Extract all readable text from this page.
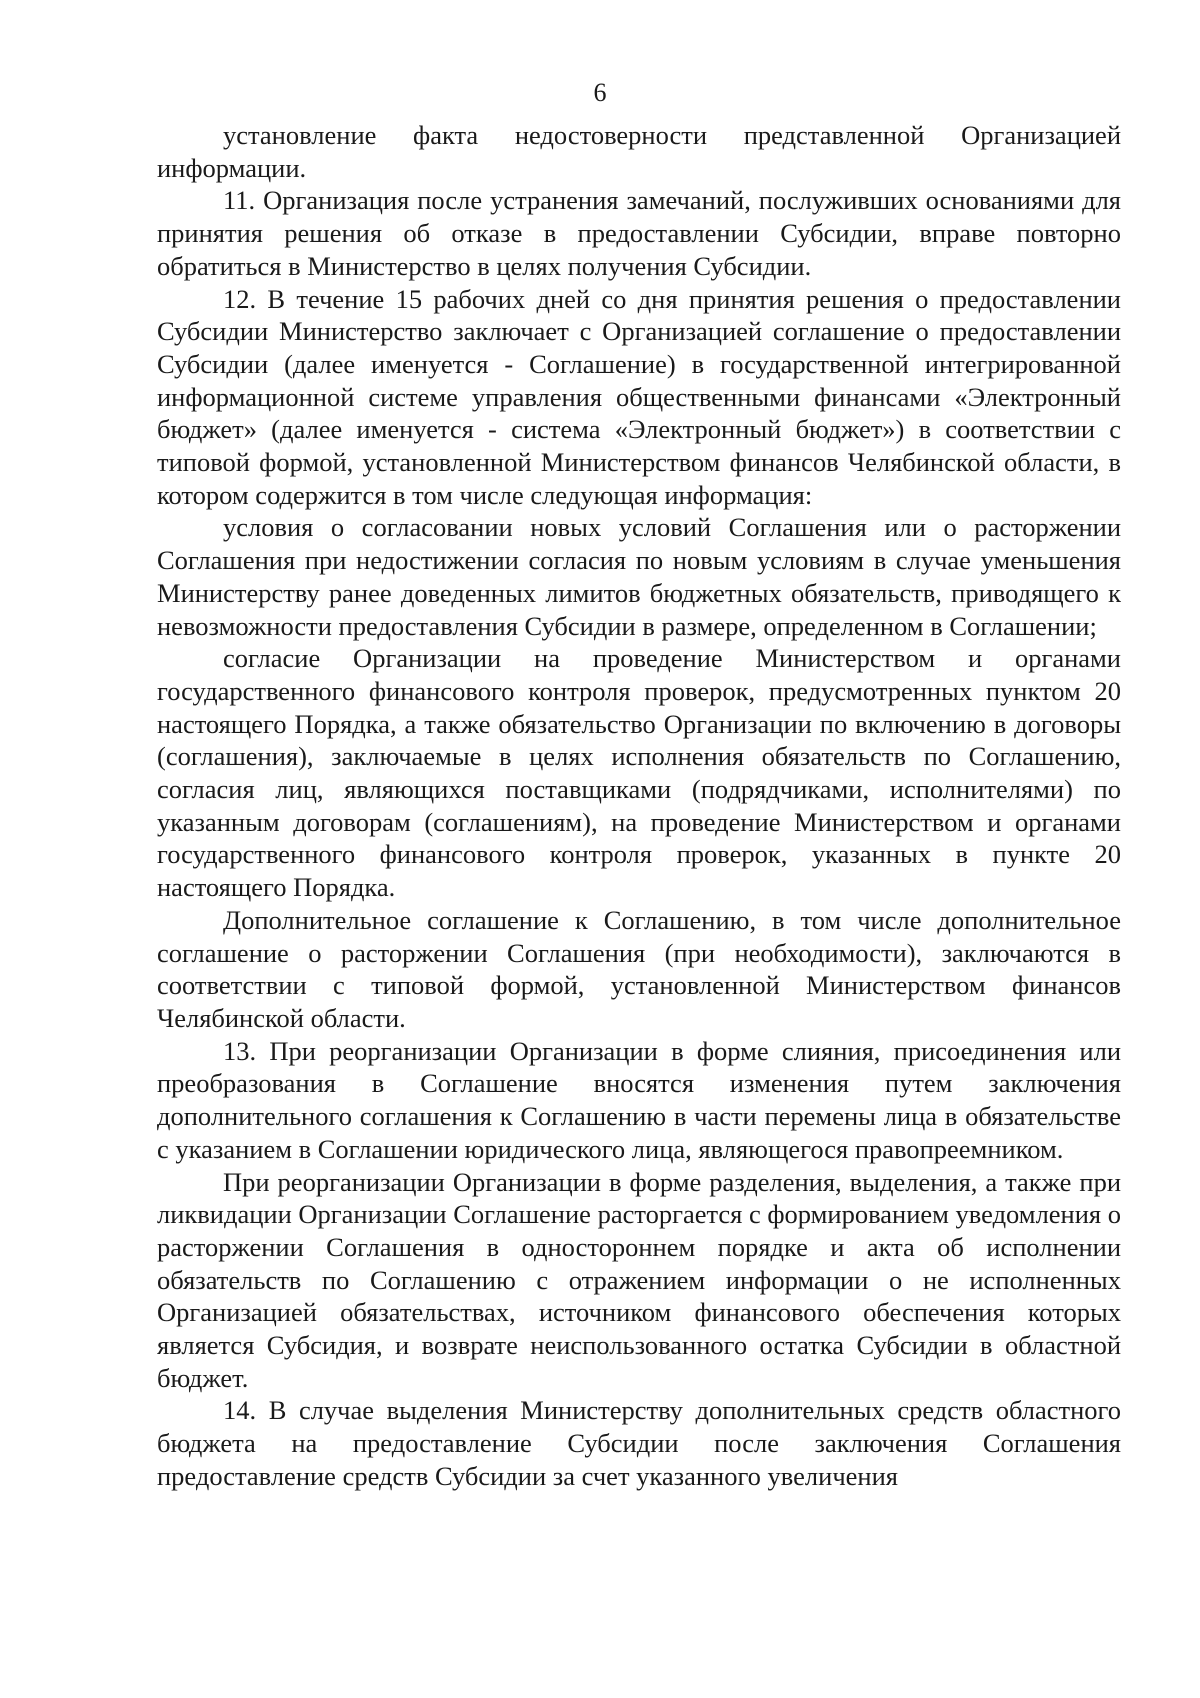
6

установление факта недостоверности представленной Организацией информации.

11. Организация после устранения замечаний, послуживших основаниями для принятия решения об отказе в предоставлении Субсидии, вправе повторно обратиться в Министерство в целях получения Субсидии.

12. В течение 15 рабочих дней со дня принятия решения о предоставлении Субсидии Министерство заключает с Организацией соглашение о предоставлении Субсидии (далее именуется - Соглашение) в государственной интегрированной информационной системе управления общественными финансами «Электронный бюджет» (далее именуется - система «Электронный бюджет») в соответствии с типовой формой, установленной Министерством финансов Челябинской области, в котором содержится в том числе следующая информация:

условия о согласовании новых условий Соглашения или о расторжении Соглашения при недостижении согласия по новым условиям в случае уменьшения Министерству ранее доведенных лимитов бюджетных обязательств, приводящего к невозможности предоставления Субсидии в размере, определенном в Соглашении;

согласие Организации на проведение Министерством и органами государственного финансового контроля проверок, предусмотренных пунктом 20 настоящего Порядка, а также обязательство Организации по включению в договоры (соглашения), заключаемые в целях исполнения обязательств по Соглашению, согласия лиц, являющихся поставщиками (подрядчиками, исполнителями) по указанным договорам (соглашениям), на проведение Министерством и органами государственного финансового контроля проверок, указанных в пункте 20 настоящего Порядка.

Дополнительное соглашение к Соглашению, в том числе дополнительное соглашение о расторжении Соглашения (при необходимости), заключаются в соответствии с типовой формой, установленной Министерством финансов Челябинской области.

13. При реорганизации Организации в форме слияния, присоединения или преобразования в Соглашение вносятся изменения путем заключения дополнительного соглашения к Соглашению в части перемены лица в обязательстве с указанием в Соглашении юридического лица, являющегося правопреемником.

При реорганизации Организации в форме разделения, выделения, а также при ликвидации Организации Соглашение расторгается с формированием уведомления о расторжении Соглашения в одностороннем порядке и акта об исполнении обязательств по Соглашению с отражением информации о не исполненных Организацией обязательствах, источником финансового обеспечения которых является Субсидия, и возврате неиспользованного остатка Субсидии в областной бюджет.

14. В случае выделения Министерству дополнительных средств областного бюджета на предоставление Субсидии после заключения Соглашения предоставление средств Субсидии за счет указанного увеличения
